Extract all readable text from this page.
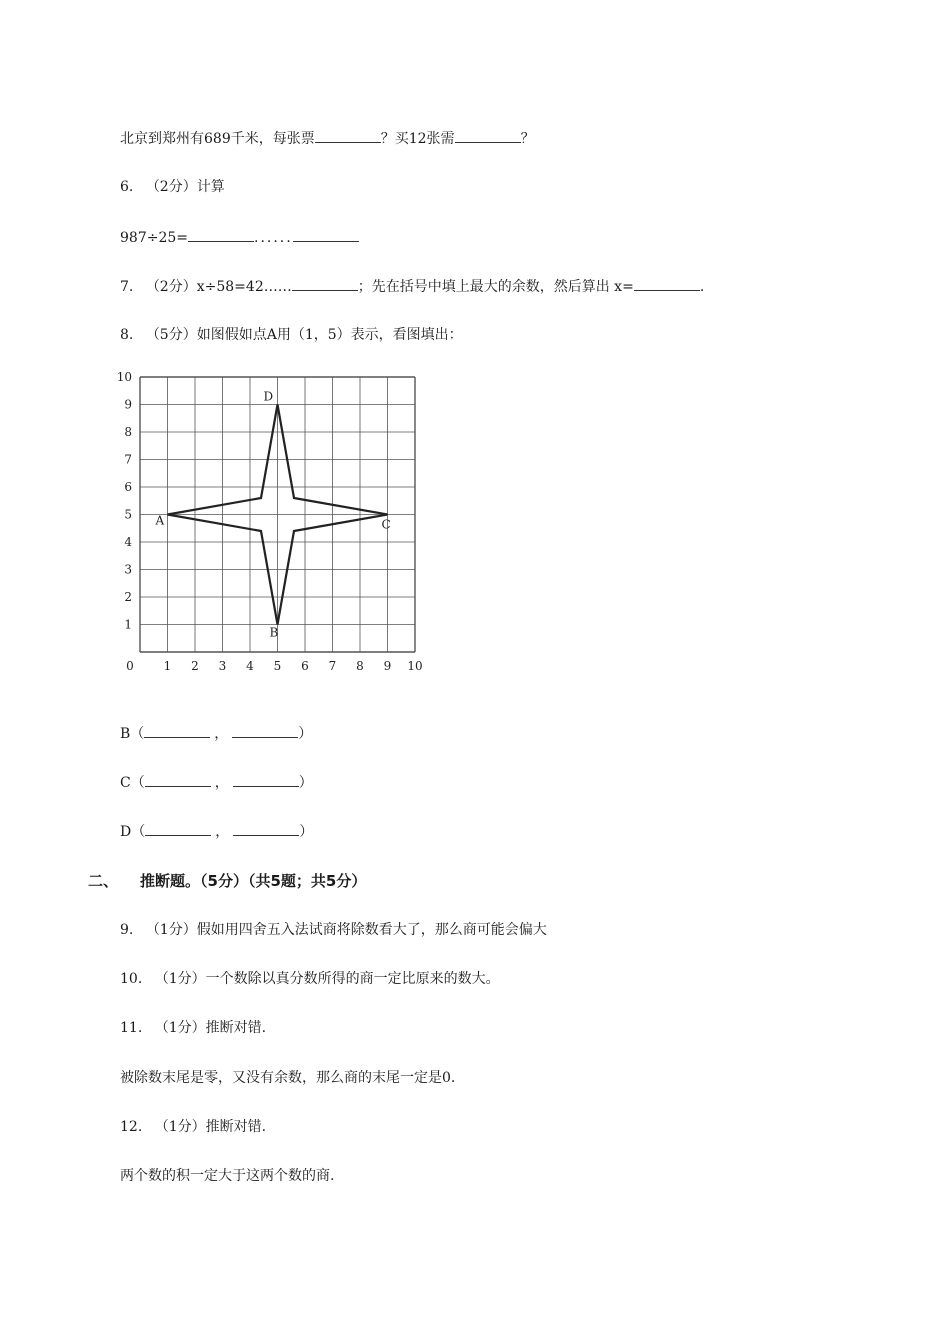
北京到郑州有689千米，每张票	？买12张需	？
6. （2分）计算
987÷25=	......
7. （2分）x÷58=42……	；先在括号中填上最大的余数，然后算出 x=	.
8. （5分）如图假如点A用（1，5）表示，看图填出：
0 1 2 3 4 5 6 7 8 9 10
1
2
3
4
5
6
7
8
9
10
A
B
C
D
B（	，	）
C（	，	）
D（	，	）
二、 推断题。（5分）（共5题；共5分）
9. （1分）假如用四舍五入法试商将除数看大了，那么商可能会偏大
10. （1分）一个数除以真分数所得的商一定比原来的数大。
11. （1分）推断对错.
被除数末尾是零，又没有余数，那么商的末尾一定是0.
12. （1分）推断对错.
两个数的积一定大于这两个数的商.
